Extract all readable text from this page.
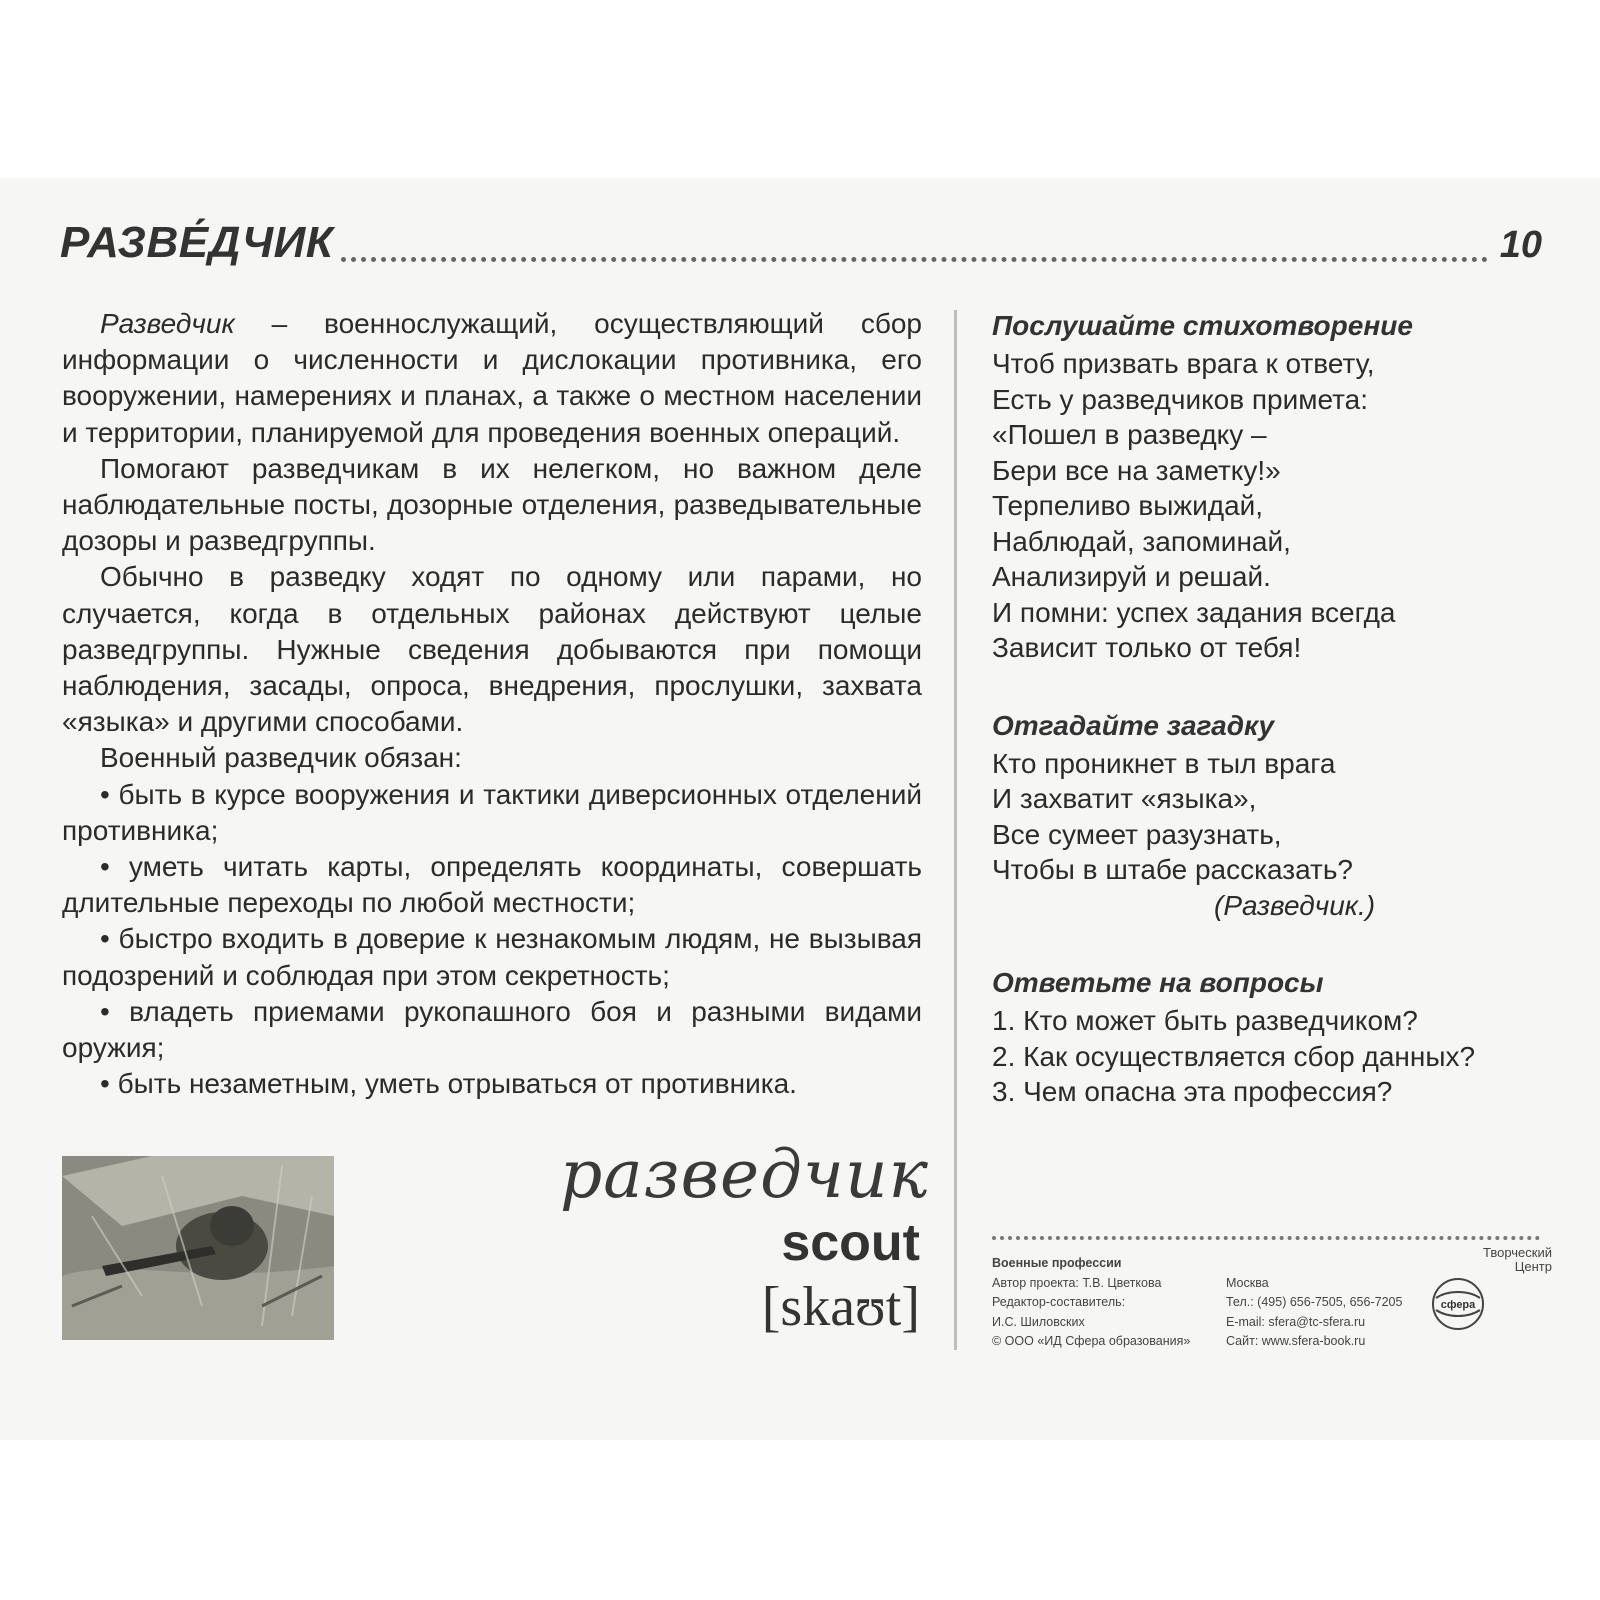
РАЗВЕ́ДЧИК	10

Разведчик – военнослужащий, осуществляющий сбор информации о численности и дислокации противника, его вооружении, намерениях и планах, а также о местном населении и территории, планируемой для проведения военных операций.

Помогают разведчикам в их нелегком, но важном деле наблюдательные посты, дозорные отделения, разведывательные дозоры и разведгруппы.

Обычно в разведку ходят по одному или парами, но случается, когда в отдельных районах действуют целые разведгруппы. Нужные сведения добываются при помощи наблюдения, засады, опроса, внедрения, прослушки, захвата «языка» и другими способами.

Военный разведчик обязан:

• быть в курсе вооружения и тактики диверсионных отделений противника;
• уметь читать карты, определять координаты, совершать длительные переходы по любой местности;
• быстро входить в доверие к незнакомым людям, не вызывая подозрений и соблюдая при этом секретность;
• владеть приемами рукопашного боя и разными видами оружия;
• быть незаметным, уметь отрываться от противника.
Послушайте стихотворение
Чтоб призвать врага к ответу,
Есть у разведчиков примета:
«Пошел в разведку –
Бери все на заметку!»
Терпеливо выжидай,
Наблюдай, запоминай,
Анализируй и решай.
И помни: успех задания всегда
Зависит только от тебя!
Отгадайте загадку
Кто проникнет в тыл врага
И захватит «языка»,
Все сумеет разузнать,
Чтобы в штабе рассказать?
(Разведчик.)
Ответьте на вопросы
1. Кто может быть разведчиком?
2. Как осуществляется сбор данных?
3. Чем опасна эта профессия?
разведчик
scout
[skaʊt]
Военные профессии
Автор проекта: Т.В. Цветкова
Редактор-составитель:
И.С. Шиловских
© ООО «ИД Сфера образования»
Москва
Тел.: (495) 656-7505, 656-7205
E-mail: sfera@tc-sfera.ru
Сайт: www.sfera-book.ru
Творческий
Центр
сфера
